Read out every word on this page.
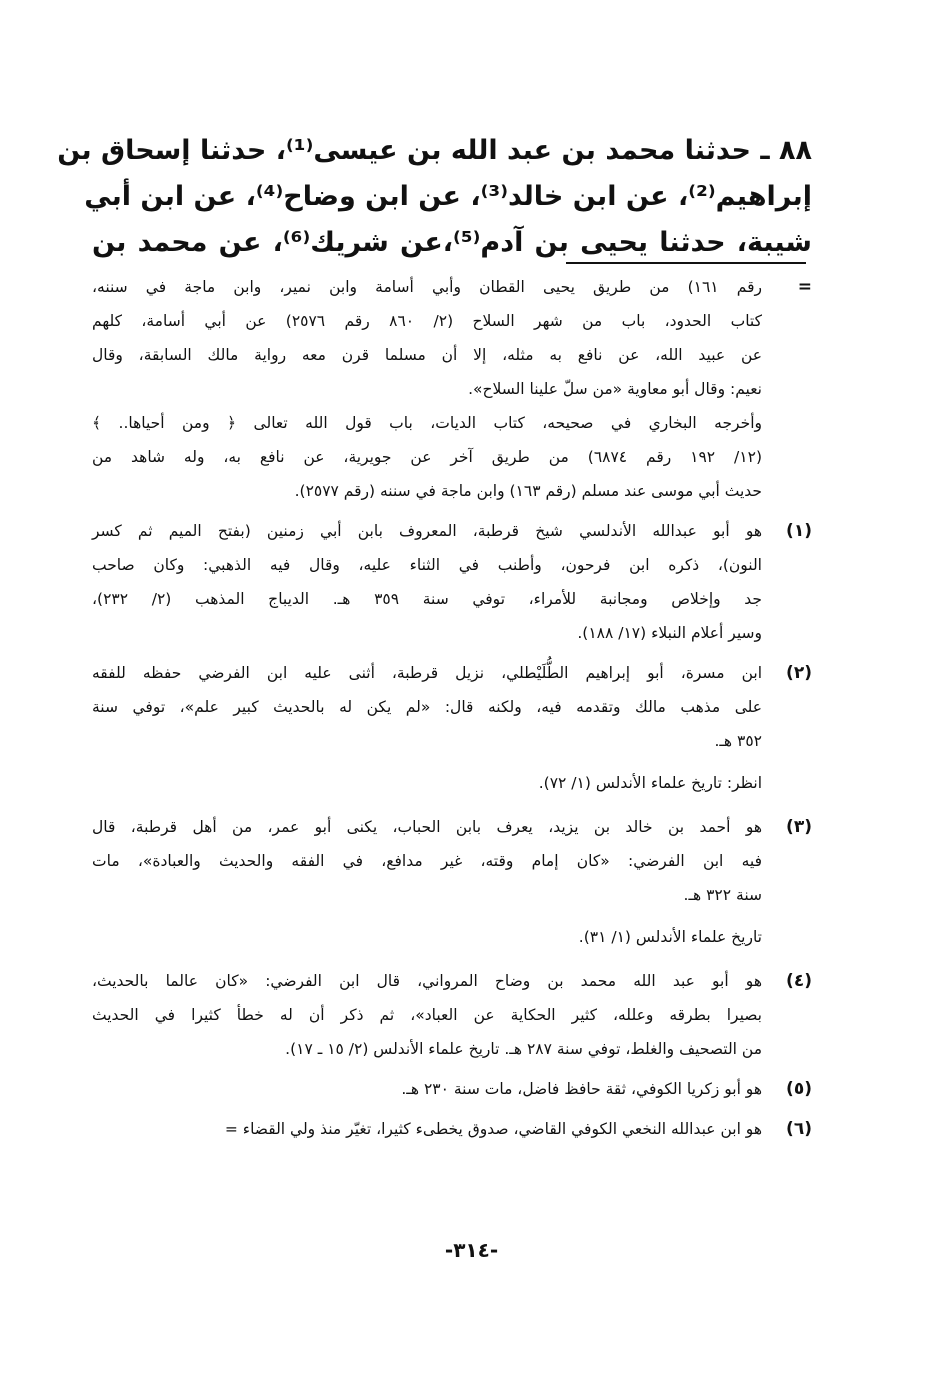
٨٨ ـ حدثنا محمد بن عبد الله بن عيسى⁽¹⁾، حدثنا إسحاق بن
إبراهيم⁽²⁾، عن ابن خالد⁽³⁾، عن ابن وضاح⁽⁴⁾، عن ابن أبي
شيبة، حدثنا يحيى بن آدم⁽⁵⁾،عن شريك⁽⁶⁾، عن محمد بن
=
رقم ١٦١) من طريق يحيى القطان وأبي أسامة وابن نمير، وابن ماجة في سننه،
كتاب الحدود، باب من شهر السلاح (٢/ ٨٦٠ رقم ٢٥٧٦) عن أبي أسامة، كلهم
عن عبيد الله، عن نافع به مثله، إلا أن مسلما قرن معه رواية مالك السابقة، وقال
نعيم: وقال أبو معاوية «من سلّ علينا السلاح».
وأخرجه البخاري في صحيحه، كتاب الديات، باب قول الله تعالى ﴿ ومن أحياها.. ﴾
(١٢/ ١٩٢ رقم ٦٨٧٤) من طريق آخر عن جويرية، عن نافع به، وله شاهد من
حديث أبي موسى عند مسلم (رقم ١٦٣) وابن ماجة في سننه (رقم ٢٥٧٧).
(١)
هو أبو عبدالله الأندلسي شيخ قرطبة، المعروف بابن أبي زمنين (بفتح الميم ثم كسر
النون)، ذكره ابن فرحون، وأطنب في الثناء عليه، وقال فيه الذهبي: وكان صاحب
جد وإخلاص ومجانبة للأمراء، توفي سنة ٣٥٩ هـ. الديباج المذهب (٢/ ٢٣٢)،
وسير أعلام النبلاء (١٧/ ١٨٨).
(٢)
ابن مسرة، أبو إبراهيم الطُّلَيْطلي، نزيل قرطبة، أثنى عليه ابن الفرضي حفظه للفقه
على مذهب مالك وتقدمه فيه، ولكنه قال: «لم يكن له بالحديث كبير علم»، توفي سنة
٣٥٢ هـ.
انظر: تاريخ علماء الأندلس (١/ ٧٢).
(٣)
هو أحمد بن خالد بن يزيد، يعرف بابن الحباب، يكنى أبو عمر، من أهل قرطبة، قال
فيه ابن الفرضي: «كان إمام وقته، غير مدافع، في الفقه والحديث والعبادة»، مات
سنة ٣٢٢ هـ.
تاريخ علماء الأندلس (١/ ٣١).
(٤)
هو أبو عبد الله محمد بن وضاح المرواني، قال ابن الفرضي: «كان عالما بالحديث،
بصيرا بطرقه وعلله، كثير الحكاية عن العباد»، ثم ذكر أن له خطأ كثيرا في الحديث
من التصحيف والغلط، توفي سنة ٢٨٧ هـ. تاريخ علماء الأندلس (٢/ ١٥ ـ ١٧).
(٥)
هو أبو زكريا الكوفي، ثقة حافظ فاضل، مات سنة ٢٣٠ هـ.
(٦)
هو ابن عبدالله النخعي الكوفي القاضي، صدوق يخطىء كثيرا، تغيّر منذ ولي القضاء =
-٣١٤-
